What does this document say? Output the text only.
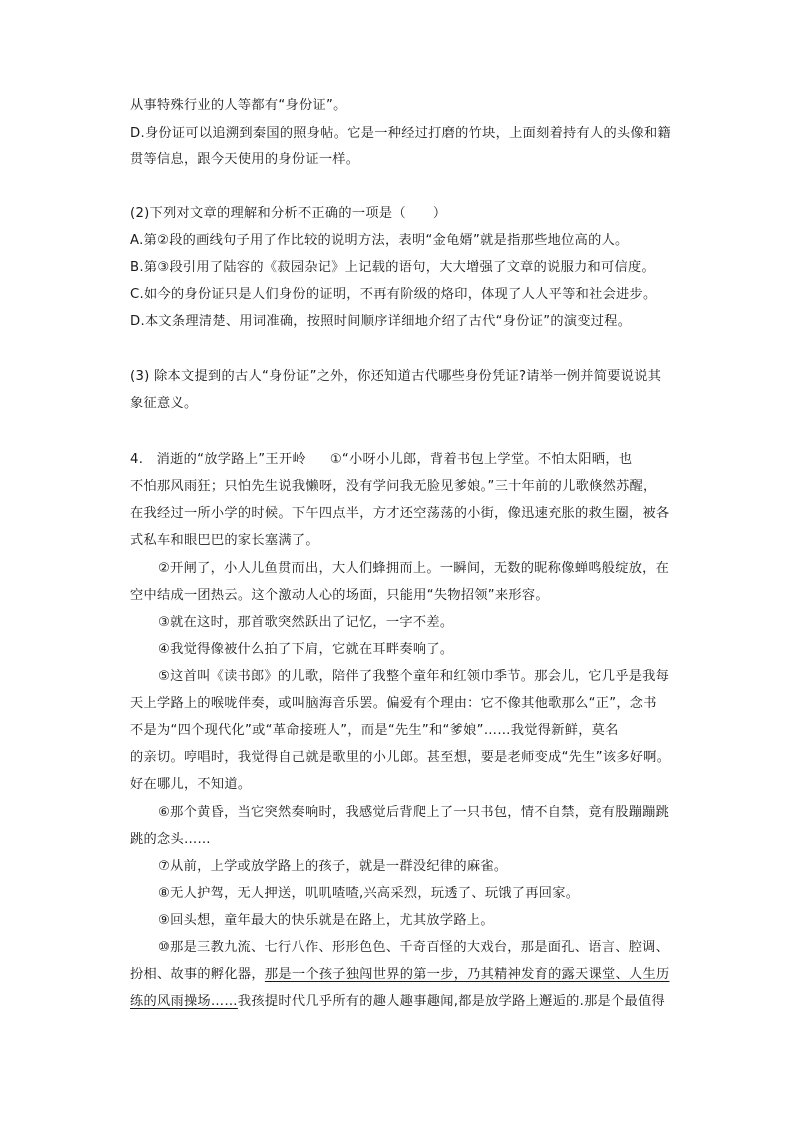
从事特殊行业的人等都有“身份证”。
D.身份证可以追溯到秦国的照身帖。它是一种经过打磨的竹块，上面刻着持有人的头像和籍
贯等信息，跟今天使用的身份证一样。
(2)下列对文章的理解和分析不正确的一项是（　　）
A.第②段的画线句子用了作比较的说明方法，表明“金龟婿”就是指那些地位高的人。
B.第③段引用了陆容的《菽园杂记》上记载的语句，大大增强了文章的说服力和可信度。
C.如今的身份证只是人们身份的证明，不再有阶级的烙印，体现了人人平等和社会进步。
D.本文条理清楚、用词准确，按照时间顺序详细地介绍了古代“身份证”的演变过程。
(3) 除本文提到的古人“身份证”之外，你还知道古代哪些身份凭证?请举一例并简要说说其
象征意义。
4.　消逝的“放学路上”王开岭 ①“小呀小儿郎，背着书包上学堂。不怕太阳晒，也
不怕那风雨狂；只怕先生说我懒呀，没有学问我无脸见爹娘。”三十年前的儿歌倏然苏醒，
在我经过一所小学的时候。下午四点半，方才还空荡荡的小街，像迅速充胀的救生圈，被各
式私车和眼巴巴的家长塞满了。
②开闸了，小人儿鱼贯而出，大人们蜂拥而上。一瞬间，无数的昵称像蝉鸣般绽放，在
空中结成一团热云。这个激动人心的场面，只能用“失物招领”来形容。
③就在这时，那首歌突然跃出了记忆，一字不差。
④我觉得像被什么拍了下肩，它就在耳畔奏响了。
⑤这首叫《读书郎》的儿歌，陪伴了我整个童年和红领巾季节。那会儿，它几乎是我每
天上学路上的喉咙伴奏，或叫脑海音乐罢。偏爱有个理由：它不像其他歌那么“正”，念书
不是为“四个现代化”或“革命接班人”，而是“先生”和“爹娘”……我觉得新鲜，莫名
的亲切。哼唱时，我觉得自己就是歌里的小儿郎。甚至想，要是老师变成“先生”该多好啊。
好在哪儿，不知道。
⑥那个黄昏，当它突然奏响时，我感觉后背爬上了一只书包，情不自禁，竟有股蹦蹦跳
跳的念头……
⑦从前，上学或放学路上的孩子，就是一群没纪律的麻雀。
⑧无人护驾，无人押送，叽叽喳喳,兴高采烈，玩透了、玩饿了再回家。
⑨回头想，童年最大的快乐就是在路上，尤其放学路上。
⑩那是三教九流、七行八作、形形色色、千奇百怪的大戏台，那是面孔、语言、腔调、
扮相、故事的孵化器，那是一个孩子独闯世界的第一步，乃其精神发育的露天课堂、人生历
练的风雨操场……我孩提时代几乎所有的趣人趣事趣闻,都是放学路上邂逅的.那是个最值得
